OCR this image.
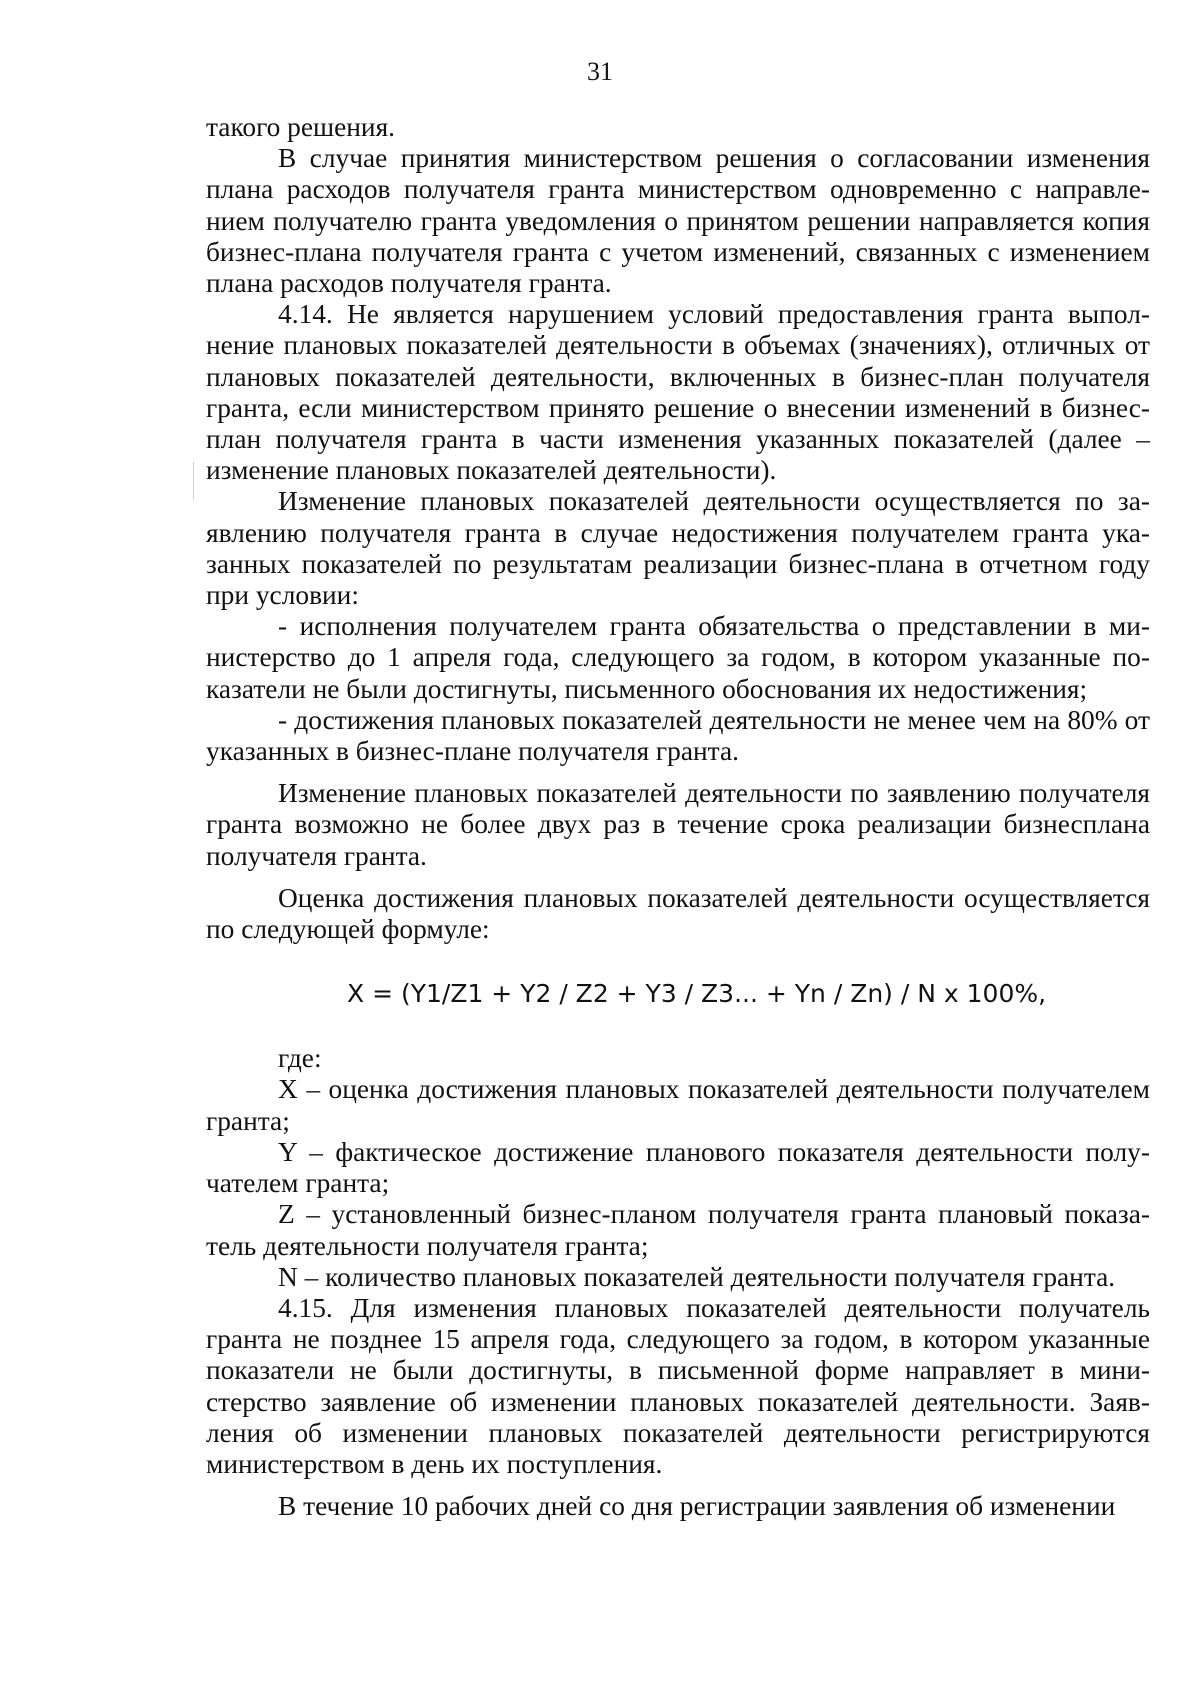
31

такого решения.

В случае принятия министерством решения о согласовании изменения плана расходов получателя гранта министерством одновременно с направлением получателю гранта уведомления о принятом решении направляется копия бизнес-плана получателя гранта с учетом изменений, связанных с изменением плана расходов получателя гранта.

4.14. Не является нарушением условий предоставления гранта выполнение плановых показателей деятельности в объемах (значениях), отличных от плановых показателей деятельности, включенных в бизнес-план получателя гранта, если министерством принято решение о внесении изменений в бизнес-план получателя гранта в части изменения указанных показателей (далее – изменение плановых показателей деятельности).

Изменение плановых показателей деятельности осуществляется по заявлению получателя гранта в случае недостижения получателем гранта указанных показателей по результатам реализации бизнес-плана в отчетном году при условии:

- исполнения получателем гранта обязательства о представлении в министерство до 1 апреля года, следующего за годом, в котором указанные показатели не были достигнуты, письменного обоснования их недостижения;

- достижения плановых показателей деятельности не менее чем на 80% от указанных в бизнес-плане получателя гранта.

Изменение плановых показателей деятельности по заявлению получателя гранта возможно не более двух раз в течение срока реализации бизнесплана получателя гранта.

Оценка достижения плановых показателей деятельности осуществляется по следующей формуле:

X = (Y1/Z1 + Y2 / Z2 + Y3 / Z3... + Yn / Zn) / N x 100%,

где:

X – оценка достижения плановых показателей деятельности получателем гранта;

Y – фактическое достижение планового показателя деятельности получателем гранта;

Z – установленный бизнес-планом получателя гранта плановый показатель деятельности получателя гранта;

N – количество плановых показателей деятельности получателя гранта.

4.15. Для изменения плановых показателей деятельности получатель гранта не позднее 15 апреля года, следующего за годом, в котором указанные показатели не были достигнуты, в письменной форме направляет в министерство заявление об изменении плановых показателей деятельности. Заявления об изменении плановых показателей деятельности регистрируются министерством в день их поступления.

В течение 10 рабочих дней со дня регистрации заявления об изменении
